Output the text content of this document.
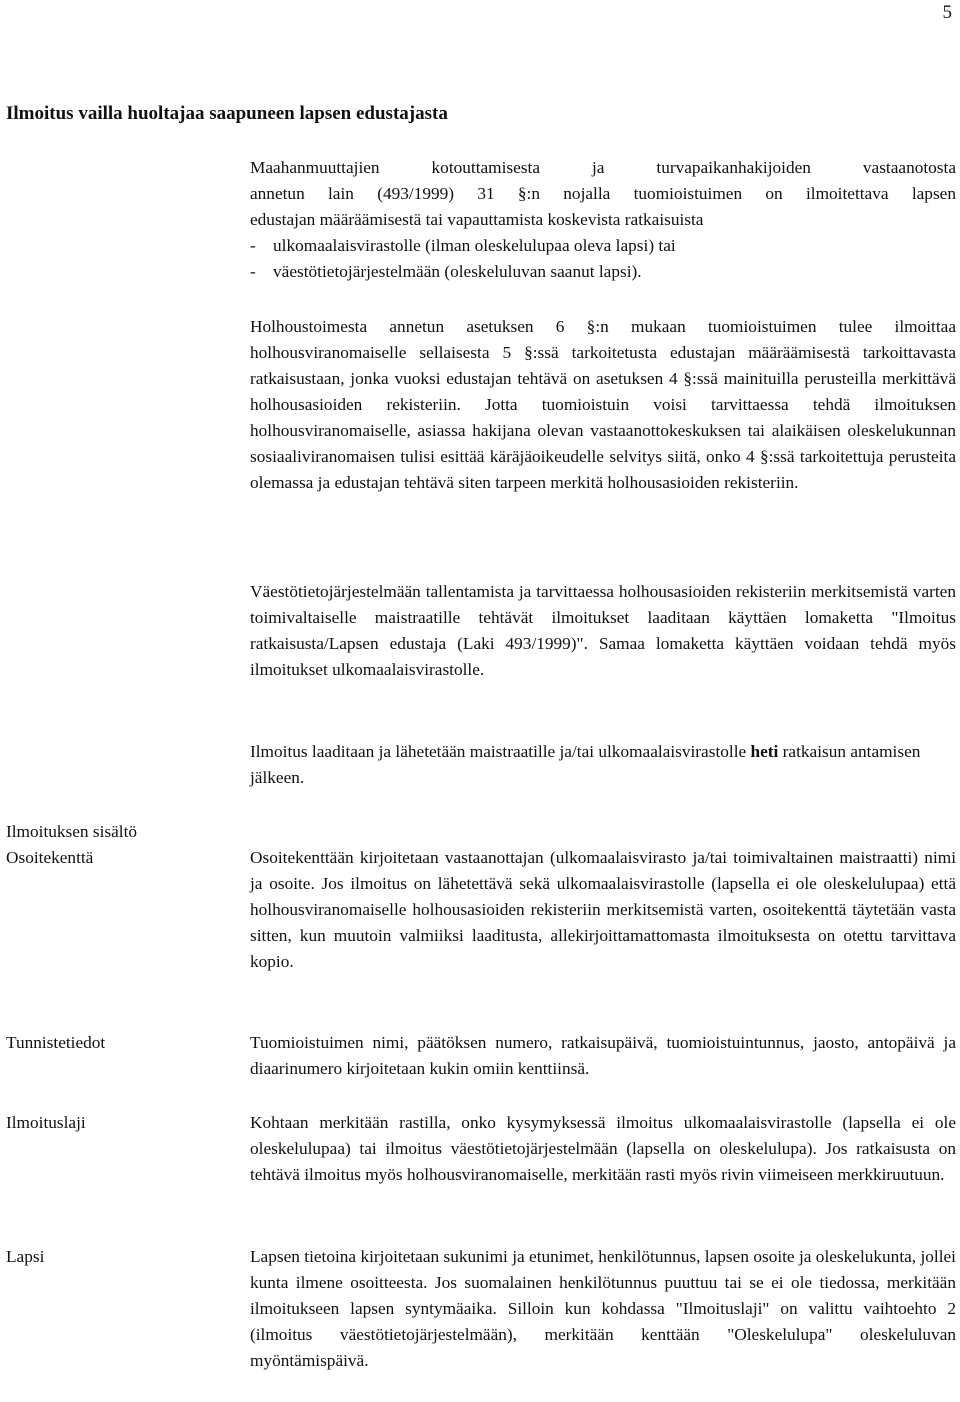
5
Ilmoitus vailla huoltajaa saapuneen lapsen edustajasta
Maahanmuuttajien kotouttamisesta ja turvapaikanhakijoiden vastaanotosta
annetun lain (493/1999) 31 §:n nojalla tuomioistuimen on ilmoitettava lapsen
edustajan määräämisestä tai vapauttamista koskevista ratkaisuista
-  ulkomaalaisvirastolle (ilman oleskelulupaa oleva lapsi) tai
-  väestötietojärjestelmään (oleskeluluvan saanut lapsi).

Holhoustoimesta annetun asetuksen 6 §:n mukaan tuomioistuimen tulee ilmoittaa holhousviranomaiselle sellaisesta 5 §:ssä tarkoitetusta edustajan määräämisestä tarkoittavasta ratkaisustaan, jonka vuoksi edustajan tehtävä on asetuksen 4 §:ssä mainituilla perusteilla merkittävä holhousasioiden rekisteriin. Jotta tuomioistuin voisi tarvittaessa tehdä ilmoituksen holhousviranomaiselle, asiassa hakijana olevan vastaanottokeskuksen tai alaikäisen oleskelukunnan sosiaaliviranomaisen tulisi esittää käräjäoikeudelle selvitys siitä, onko 4 §:ssä tarkoitettuja perusteita olemassa ja edustajan tehtävä siten tarpeen merkitä holhousasioiden rekisteriin.

Väestötietojärjestelmään tallentamista ja tarvittaessa holhousasioiden rekisteriin merkitsemistä varten toimivaltaiselle maistraatille tehtävät ilmoitukset laaditaan käyttäen lomaketta "Ilmoitus ratkaisusta/Lapsen edustaja (Laki 493/1999)". Samaa lomaketta käyttäen voidaan tehdä myös ilmoitukset ulkomaalaisvirastolle.

Ilmoitus laaditaan ja lähetetään maistraatille ja/tai ulkomaalaisvirastolle heti ratkaisun antamisen jälkeen.

Ilmoituksen sisältö
Osoitekenttä	Osoitekenttään kirjoitetaan vastaanottajan (ulkomaalaisvirasto ja/tai toimivaltainen maistraatti) nimi ja osoite. Jos ilmoitus on lähetettävä sekä ulkomaalaisvirastolle (lapsella ei ole oleskelulupaa) että holhousviranomaiselle holhousasioiden rekisteriin merkitsemistä varten, osoitekenttä täytetään vasta sitten, kun muutoin valmiiksi laaditusta, allekirjoittamattomasta ilmoituksesta on otettu tarvittava kopio.

Tunnistetiedot	Tuomioistuimen nimi, päätöksen numero, ratkaisupäivä, tuomioistuintunnus, jaosto, antopäivä ja diaarinumero kirjoitetaan kukin omiin kenttiinsä.

Ilmoituslaji	Kohtaan merkitään rastilla, onko kysymyksessä ilmoitus ulkomaalaisvirastolle (lapsella ei ole oleskelulupaa) tai ilmoitus väestötietojärjestelmään (lapsella on oleskelulupa). Jos ratkaisusta on tehtävä ilmoitus myös holhousviranomaiselle, merkitään rasti myös rivin viimeiseen merkkiruutuun.

Lapsi	Lapsen tietoina kirjoitetaan sukunimi ja etunimet, henkilötunnus, lapsen osoite ja oleskelukunta, jollei kunta ilmene osoitteesta. Jos suomalainen henkilötunnus puuttuu tai se ei ole tiedossa, merkitään ilmoitukseen lapsen syntymäaika. Silloin kun kohdassa "Ilmoituslaji" on valittu vaihtoehto 2 (ilmoitus väestötietojärjestelmään), merkitään kenttään "Oleskelulupa" oleskeluluvan myöntämispäivä.
